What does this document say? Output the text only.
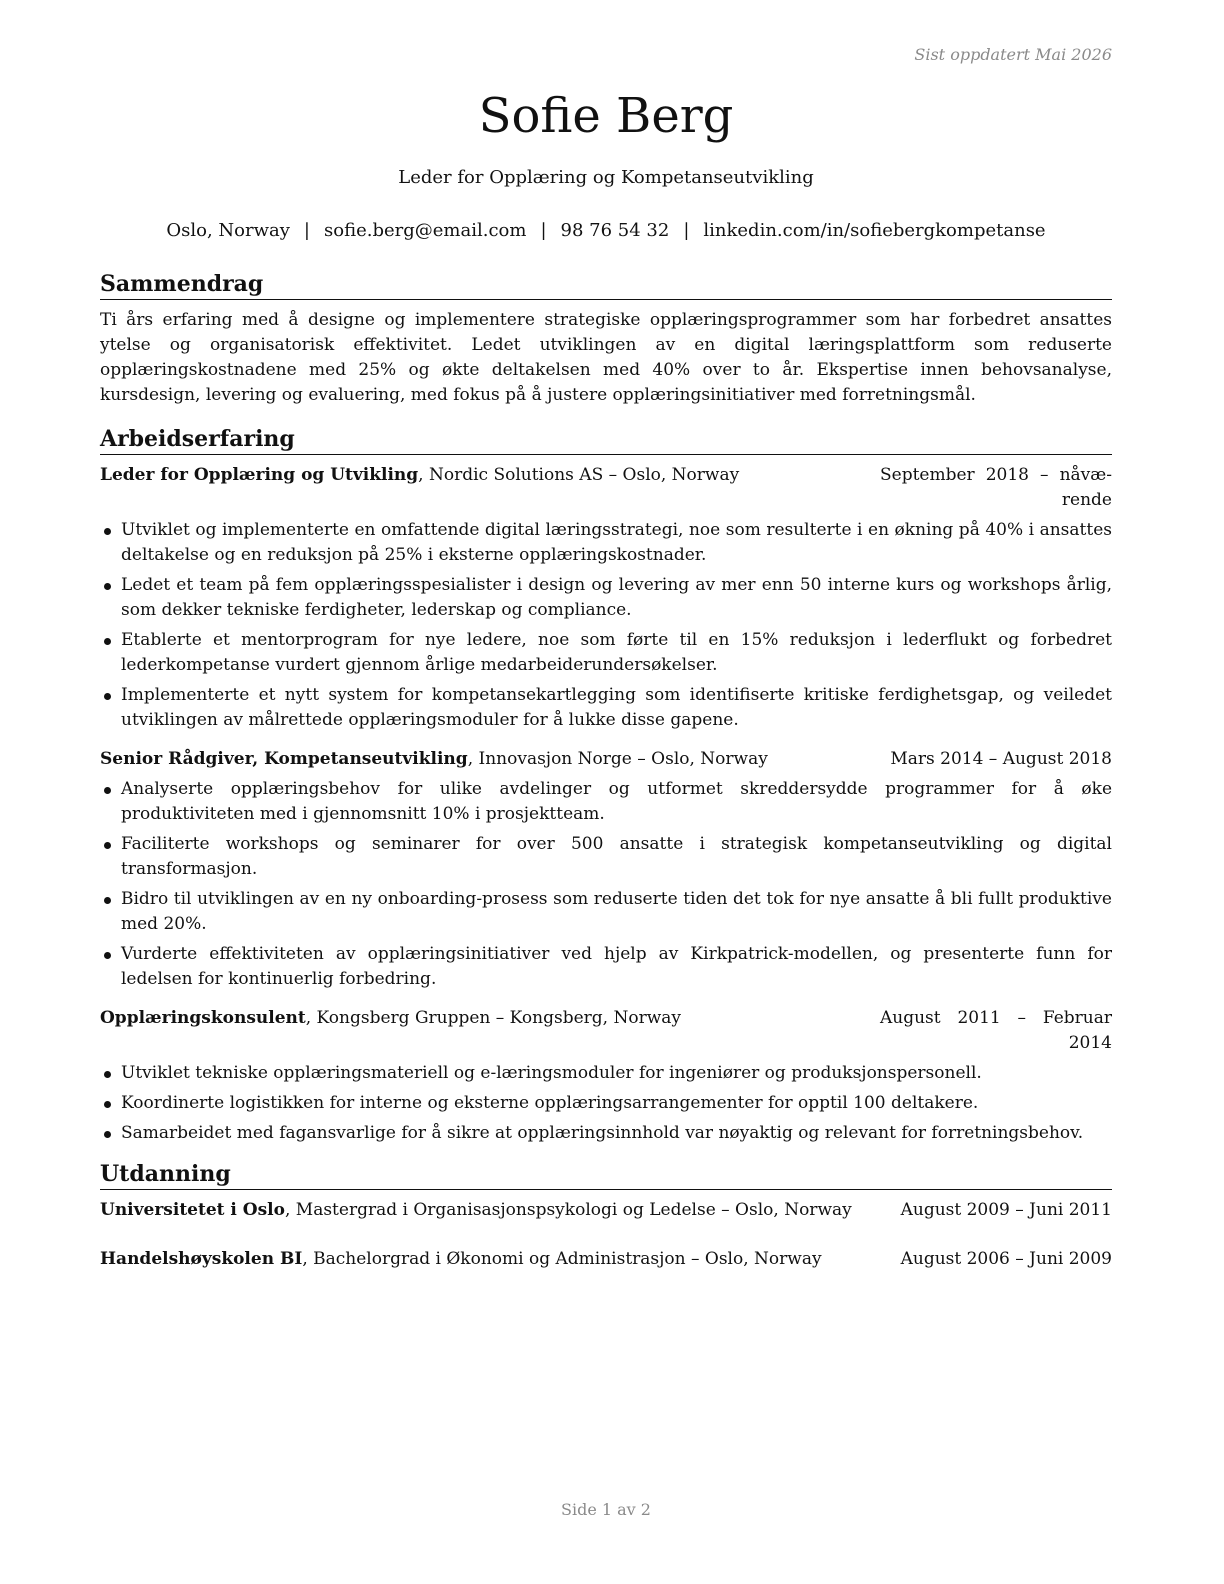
Sist oppdatert Mai 2026
Sofie Berg
Leder for Opplæring og Kompetanseutvikling
Oslo, Norway | sofie.berg@email.com | 98 76 54 32 | linkedin.com/in/sofiebergkompetanse
Sammendrag
Ti års erfaring med å designe og implementere strategiske opplæringsprogrammer som har forbedret ansattes ytelse og organisatorisk effektivitet. Ledet utviklingen av en digital læringsplattform som reduserte opplæringskostnadene med 25% og økte deltakelsen med 40% over to år. Ekspertise innen behovsanalyse, kursdesign, levering og evaluering, med fokus på å justere opplæringsinitiativer med forretningsmål.
Arbeidserfaring
Leder for Opplæring og Utvikling, Nordic Solutions AS – Oslo, Norway	September 2018 – nåvæ-rende
Utviklet og implementerte en omfattende digital læringsstrategi, noe som resulterte i en økning på 40% i ansattes deltakelse og en reduksjon på 25% i eksterne opplæringskostnader.
Ledet et team på fem opplæringsspesialister i design og levering av mer enn 50 interne kurs og workshops årlig, som dekker tekniske ferdigheter, lederskap og compliance.
Etablerte et mentorprogram for nye ledere, noe som førte til en 15% reduksjon i lederflukt og forbedret lederkompetanse vurdert gjennom årlige medarbeiderundersøkelser.
Implementerte et nytt system for kompetansekartlegging som identifiserte kritiske ferdighetsgap, og veiledet utviklingen av målrettede opplæringsmoduler for å lukke disse gapene.
Senior Rådgiver, Kompetanseutvikling, Innovasjon Norge – Oslo, Norway	Mars 2014 – August 2018
Analyserte opplæringsbehov for ulike avdelinger og utformet skreddersydde programmer for å øke produktiviteten med i gjennomsnitt 10% i prosjektteam.
Faciliterte workshops og seminarer for over 500 ansatte i strategisk kompetanseutvikling og digital transformasjon.
Bidro til utviklingen av en ny onboarding-prosess som reduserte tiden det tok for nye ansatte å bli fullt produktive med 20%.
Vurderte effektiviteten av opplæringsinitiativer ved hjelp av Kirkpatrick-modellen, og presenterte funn for ledelsen for kontinuerlig forbedring.
Opplæringskonsulent, Kongsberg Gruppen – Kongsberg, Norway	August 2011 – Februar 2014
Utviklet tekniske opplæringsmateriell og e-læringsmoduler for ingeniører og produksjonspersonell.
Koordinerte logistikken for interne og eksterne opplæringsarrangementer for opptil 100 deltakere.
Samarbeidet med fagansvarlige for å sikre at opplæringsinnhold var nøyaktig og relevant for forretningsbehov.
Utdanning
Universitetet i Oslo, Mastergrad i Organisasjonspsykologi og Ledelse – Oslo, Norway	August 2009 – Juni 2011
Handelshøyskolen BI, Bachelorgrad i Økonomi og Administrasjon – Oslo, Norway	August 2006 – Juni 2009
Side 1 av 2
